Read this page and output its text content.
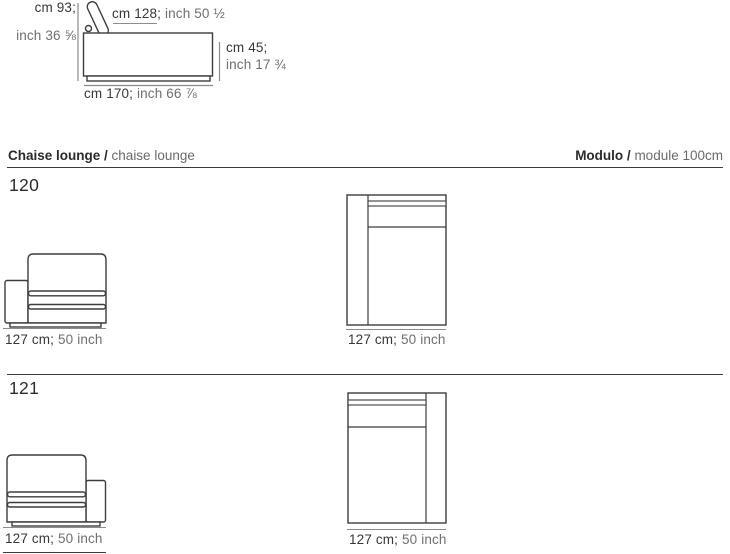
cm 93;
inch 36 ⅝
cm 128; inch 50 ½
cm 45;
inch 17 ¾
cm 170; inch 66 ⅞
Chaise lounge / chaise lounge	Modulo / module 100cm
120
127 cm; 50 inch	127 cm; 50 inch
121
127 cm; 50 inch	127 cm; 50 inch
